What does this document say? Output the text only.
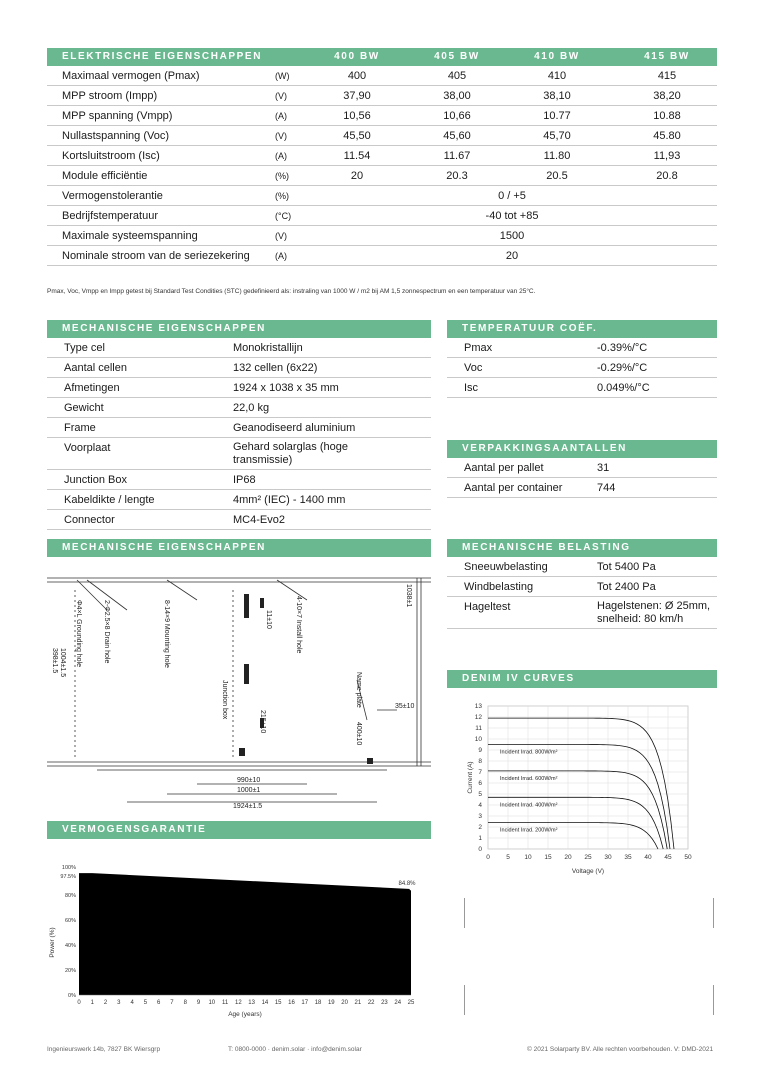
ELEKTRISCHE EIGENSCHAPPEN	400 BW	405 BW	410 BW	415 BW
Maximaal vermogen (Pmax)	(W)	400	405	410	415
MPP stroom (Impp)	(V)	37,90	38,00	38,10	38,20
MPP spanning (Vmpp)	(A)	10,56	10,66	10.77	10.88
Nullastspanning (Voc)	(V)	45,50	45,60	45,70	45.80
Kortsluitstroom (Isc)	(A)	11.54	11.67	11.80	11,93
Module efficiëntie	(%)	20	20.3	20.5	20.8
Vermogenstolerantie	(%)	0 / +5
Bedrijfstemperatuur	(°C)	-40 tot +85
Maximale systeemspanning	(V)	1500
Nominale stroom van de seriezekering	(A)	20
Pmax, Voc, Vmpp en Impp getest bij Standard Test Condities (STC) gedefinieerd als: instraling van 1000 W / m2 bij AM 1,5 zonnespectrum en een temperatuur van 25°C.
MECHANISCHE EIGENSCHAPPEN
Type cel	Monokristallijn
Aantal cellen	132 cellen (6x22)
Afmetingen	1924 x 1038 x 35 mm
Gewicht	22,0 kg
Frame	Geanodiseerd aluminium
Voorplaat	Gehard solarglas (hoge transmissie)
Junction Box	IP68
Kabeldikte / lengte	4mm² (IEC) - 1400 mm
Connector	MC4-Evo2
TEMPERATUUR COËF.
Pmax	-0.39%/°C
Voc	-0.29%/°C
Isc	0.049%/°C
VERPAKKINGSAANTALLEN
Aantal per pallet	31
Aantal per container	744
MECHANISCHE EIGENSCHAPPEN
Φ4×L Grounding hole	2-Φ2.5×8 Drain hole	8-14×9 Mounting hole	4-10×7 Install hole
398±1.5 1004±1.5
11±10
1038±1
Junction box
215±10
Name plate	35±10
400±10
990±10
1000±1
1924±1.5
MECHANISCHE BELASTING
Sneeuwbelasting	Tot 5400 Pa
Windbelasting	Tot 2400 Pa
Hageltest	Hagelstenen: Ø 25mm, snelheid: 80 km/h
DENIM IV CURVES
0	5 10 15 20 25 30 35 40 45 50
0
1
2
3
4
5
6
7
8
9
10
11
12
13
Incident Irrad. 800W/m²
Incident Irrad. 600W/m²
Incident Irrad. 400W/m²
Incident Irrad. 200W/m²
Voltage (V)
Current (A)
VERMOGENSGARANTIE
0%
20%
40%
60%
80%
97.5%
100%
0 1 2 3 4 5 6 7 8 9 10 11 12 13 14 15 16 17 18 19 20 21 22 23 24 25
84.8%
Age (years)
Power (%)
Ingenieurswerk 14b, 7827 BK Wiersgrp	T: 0800-0000 · denim.solar · info@denim.solar	© 2021 Solarparty BV. Alle rechten voorbehouden. V: DMD-2021
